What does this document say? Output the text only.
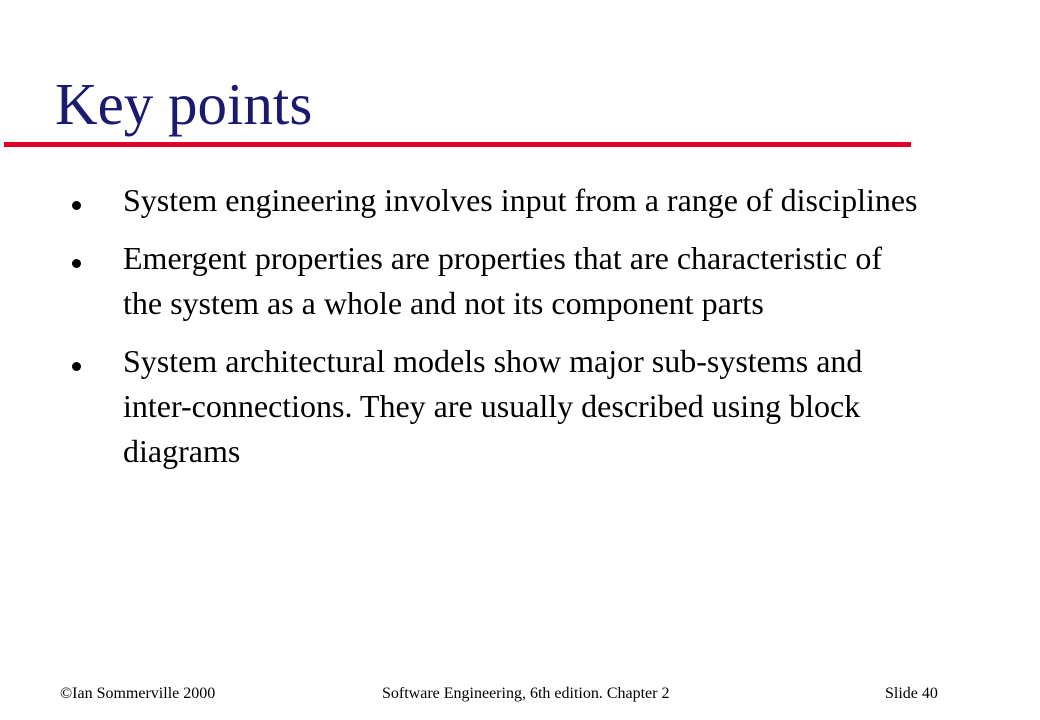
Key points
System engineering involves input from a range of disciplines
Emergent properties are properties that are characteristic of the system as a whole and not its component parts
System architectural models show major sub-systems and inter-connections. They are usually described using block diagrams
©Ian Sommerville 2000	Software Engineering, 6th edition. Chapter 2	Slide 40
